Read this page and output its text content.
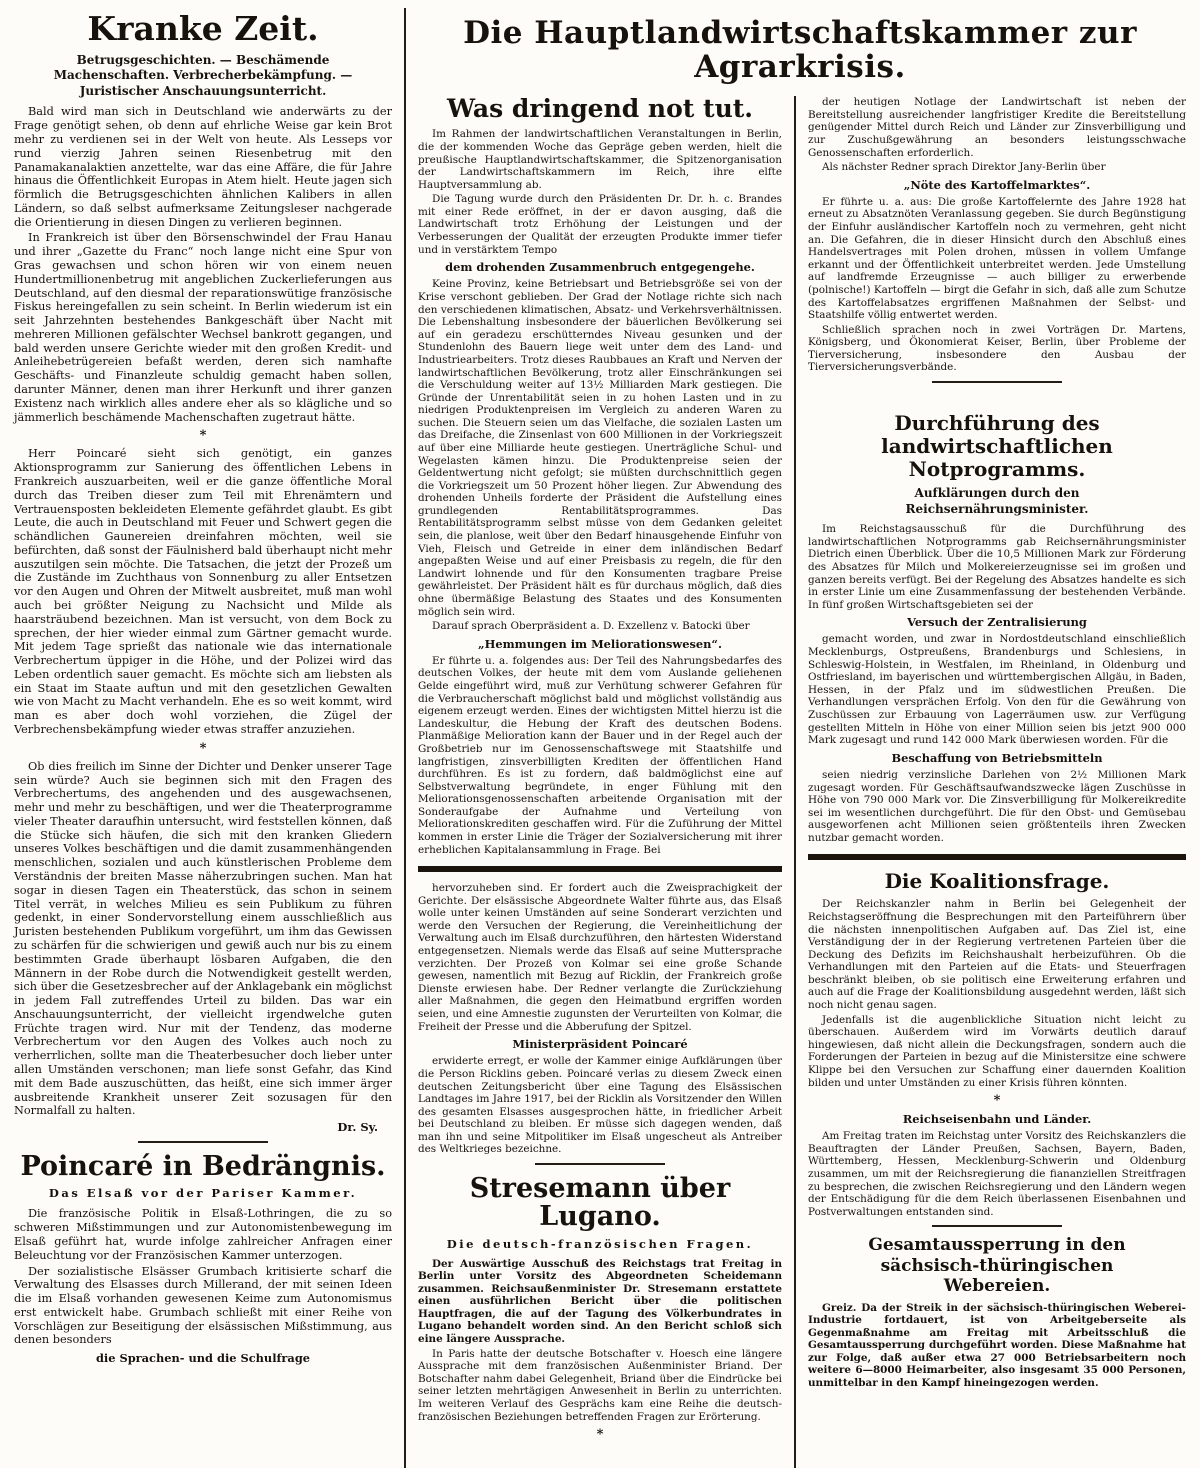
Kranke Zeit.
Betrugsgeschichten. — Beschämende Machenschaften. Verbrecherbekämpfung. — Juristischer Anschauungsunterricht.

Bald wird man sich in Deutschland wie anderwärts zu der Frage genötigt sehen, ob denn auf ehrliche Weise gar kein Brot mehr zu verdienen sei in der Welt von heute. Als Lesseps vor rund vierzig Jahren seinen Riesenbetrug mit den Panamakanalaktien anzettelte, war das eine Affäre, die für Jahre hinaus die Öffentlichkeit Europas in Atem hielt. Heute jagen sich förmlich die Betrugsgeschichten ähnlichen Kalibers in allen Ländern, so daß selbst aufmerksame Zeitungsleser nachgerade die Orientierung in diesen Dingen zu verlieren beginnen.

In Frankreich ist über den Börsenschwindel der Frau Hanau und ihrer „Gazette du Franc“ noch lange nicht eine Spur von Gras gewachsen und schon hören wir von einem neuen Hundertmillionenbetrug mit angeblichen Zuckerlieferungen aus Deutschland, auf den diesmal der reparationswütige französische Fiskus hereingefallen zu sein scheint. In Berlin wiederum ist ein seit Jahrzehnten bestehendes Bankgeschäft über Nacht mit mehreren Millionen gefälschter Wechsel bankrott gegangen, und bald werden unsere Gerichte wieder mit den großen Kredit- und Anleihebetrügereien befaßt werden, deren sich namhafte Geschäfts- und Finanzleute schuldig gemacht haben sollen, darunter Männer, denen man ihrer Herkunft und ihrer ganzen Existenz nach wirklich alles andere eher als so klägliche und so jämmerlich beschämende Machenschaften zugetraut hätte.

*

Herr Poincaré sieht sich genötigt, ein ganzes Aktionsprogramm zur Sanierung des öffentlichen Lebens in Frankreich auszuarbeiten, weil er die ganze öffentliche Moral durch das Treiben dieser zum Teil mit Ehrenämtern und Vertrauensposten bekleideten Elemente gefährdet glaubt. Es gibt Leute, die auch in Deutschland mit Feuer und Schwert gegen die schändlichen Gaunereien dreinfahren möchten, weil sie befürchten, daß sonst der Fäulnisherd bald überhaupt nicht mehr auszutilgen sein möchte. Die Tatsachen, die jetzt der Prozeß um die Zustände im Zuchthaus von Sonnenburg zu aller Entsetzen vor den Augen und Ohren der Mitwelt ausbreitet, muß man wohl auch bei größter Neigung zu Nachsicht und Milde als haarsträubend bezeichnen. Man ist versucht, von dem Bock zu sprechen, der hier wieder einmal zum Gärtner gemacht wurde. Mit jedem Tage sprießt das nationale wie das internationale Verbrechertum üppiger in die Höhe, und der Polizei wird das Leben ordentlich sauer gemacht. Es möchte sich am liebsten als ein Staat im Staate auftun und mit den gesetzlichen Gewalten wie von Macht zu Macht verhandeln. Ehe es so weit kommt, wird man es aber doch wohl vorziehen, die Zügel der Verbrechensbekämpfung wieder etwas straffer anzuziehen.

*

Ob dies freilich im Sinne der Dichter und Denker unserer Tage sein würde? Auch sie beginnen sich mit den Fragen des Verbrechertums, des angehenden und des ausgewachsenen, mehr und mehr zu beschäftigen, und wer die Theaterprogramme vieler Theater daraufhin untersucht, wird feststellen können, daß die Stücke sich häufen, die sich mit den kranken Gliedern unseres Volkes beschäftigen und die damit zusammenhängenden menschlichen, sozialen und auch künstlerischen Probleme dem Verständnis der breiten Masse näherzubringen suchen. Man hat sogar in diesen Tagen ein Theaterstück, das schon in seinem Titel verrät, in welches Milieu es sein Publikum zu führen gedenkt, in einer Sondervorstellung einem ausschließlich aus Juristen bestehenden Publikum vorgeführt, um ihm das Gewissen zu schärfen für die schwierigen und gewiß auch nur bis zu einem bestimmten Grade überhaupt lösbaren Aufgaben, die den Männern in der Robe durch die Notwendigkeit gestellt werden, sich über die Gesetzesbrecher auf der Anklagebank ein möglichst in jedem Fall zutreffendes Urteil zu bilden. Das war ein Anschauungsunterricht, der vielleicht irgendwelche guten Früchte tragen wird. Nur mit der Tendenz, das moderne Verbrechertum vor den Augen des Volkes auch noch zu verherrlichen, sollte man die Theaterbesucher doch lieber unter allen Umständen verschonen; man liefe sonst Gefahr, das Kind mit dem Bade auszuschütten, das heißt, eine sich immer ärger ausbreitende Krankheit unserer Zeit sozusagen für den Normalfall zu halten.

Dr. Sy.
Poincaré in Bedrängnis.
Das Elsaß vor der Pariser Kammer.

Die französische Politik in Elsaß-Lothringen, die zu so schweren Mißstimmungen und zur Autonomistenbewegung im Elsaß geführt hat, wurde infolge zahlreicher Anfragen einer Beleuchtung vor der Französischen Kammer unterzogen.

Der sozialistische Elsässer Grumbach kritisierte scharf die Verwaltung des Elsasses durch Millerand, der mit seinen Ideen die im Elsaß vorhanden gewesenen Keime zum Autonomismus erst entwickelt habe. Grumbach schließt mit einer Reihe von Vorschlägen zur Beseitigung der elsässischen Mißstimmung, aus denen besonders

die Sprachen- und die Schulfrage
Die Hauptlandwirtschaftskammer zur Agrarkrisis.
Was dringend not tut.

Im Rahmen der landwirtschaftlichen Veranstaltungen in Berlin, die der kommenden Woche das Gepräge geben werden, hielt die preußische Hauptlandwirtschaftskammer, die Spitzenorganisation der Landwirtschaftskammern im Reich, ihre elfte Hauptversammlung ab.

Die Tagung wurde durch den Präsidenten Dr. Dr. h. c. Brandes mit einer Rede eröffnet, in der er davon ausging, daß die Landwirtschaft trotz Erhöhung der Leistungen und der Verbesserungen der Qualität der erzeugten Produkte immer tiefer und in verstärktem Tempo

dem drohenden Zusammenbruch entgegengehe.

Keine Provinz, keine Betriebsart und Betriebsgröße sei von der Krise verschont geblieben. Der Grad der Notlage richte sich nach den verschiedenen klimatischen, Absatz- und Verkehrsverhältnissen. Die Lebenshaltung insbesondere der bäuerlichen Bevölkerung sei auf ein geradezu erschütterndes Niveau gesunken und der Stundenlohn des Bauern liege weit unter dem des Land- und Industriearbeiters. Trotz dieses Raubbaues an Kraft und Nerven der landwirtschaftlichen Bevölkerung, trotz aller Einschränkungen sei die Verschuldung weiter auf 13½ Milliarden Mark gestiegen. Die Gründe der Unrentabilität seien in zu hohen Lasten und in zu niedrigen Produktenpreisen im Vergleich zu anderen Waren zu suchen. Die Steuern seien um das Vielfache, die sozialen Lasten um das Dreifache, die Zinsenlast von 600 Millionen in der Vorkriegszeit auf über eine Milliarde heute gestiegen. Unerträgliche Schul- und Wegelasten kämen hinzu. Die Produktenpreise seien der Geldentwertung nicht gefolgt; sie müßten durchschnittlich gegen die Vorkriegszeit um 50 Prozent höher liegen. Zur Abwendung des drohenden Unheils forderte der Präsident die Aufstellung eines grundlegenden Rentabilitätsprogrammes. Das Rentabilitätsprogramm selbst müsse von dem Gedanken geleitet sein, die planlose, weit über den Bedarf hinausgehende Einfuhr von Vieh, Fleisch und Getreide in einer dem inländischen Bedarf angepaßten Weise und auf einer Preisbasis zu regeln, die für den Landwirt lohnende und für den Konsumenten tragbare Preise gewährleistet. Der Präsident hält es für durchaus möglich, daß dies ohne übermäßige Belastung des Staates und des Konsumenten möglich sein wird.

Darauf sprach Oberpräsident a. D. Exzellenz v. Batocki über

„Hemmungen im Meliorationswesen“.

Er führte u. a. folgendes aus: Der Teil des Nahrungsbedarfes des deutschen Volkes, der heute mit dem vom Auslande geliehenen Gelde eingeführt wird, muß zur Verhütung schwerer Gefahren für die Verbraucherschaft möglichst bald und möglichst vollständig aus eigenem erzeugt werden. Eines der wichtigsten Mittel hierzu ist die Landeskultur, die Hebung der Kraft des deutschen Bodens. Planmäßige Melioration kann der Bauer und in der Regel auch der Großbetrieb nur im Genossenschaftswege mit Staatshilfe und langfristigen, zinsverbilligten Krediten der öffentlichen Hand durchführen. Es ist zu fordern, daß baldmöglichst eine auf Selbstverwaltung begründete, in enger Fühlung mit den Meliorationsgenossenschaften arbeitende Organisation mit der Sonderaufgabe der Aufnahme und Verteilung von Meliorationskrediten geschaffen wird. Für die Zuführung der Mittel kommen in erster Linie die Träger der Sozialversicherung mit ihrer erheblichen Kapitalansammlung in Frage. Bei

hervorzuheben sind. Er fordert auch die Zweisprachigkeit der Gerichte. Der elsässische Abgeordnete Walter führte aus, das Elsaß wolle unter keinen Umständen auf seine Sonderart verzichten und werde den Versuchen der Regierung, die Vereinheitlichung der Verwaltung auch im Elsaß durchzuführen, den härtesten Widerstand entgegensetzen. Niemals werde das Elsaß auf seine Muttersprache verzichten. Der Prozeß von Kolmar sei eine große Schande gewesen, namentlich mit Bezug auf Ricklin, der Frankreich große Dienste erwiesen habe. Der Redner verlangte die Zurückziehung aller Maßnahmen, die gegen den Heimatbund ergriffen worden seien, und eine Amnestie zugunsten der Verurteilten von Kolmar, die Freiheit der Presse und die Abberufung der Spitzel.

Ministerpräsident Poincaré

erwiderte erregt, er wolle der Kammer einige Aufklärungen über die Person Ricklins geben. Poincaré verlas zu diesem Zweck einen deutschen Zeitungsbericht über eine Tagung des Elsässischen Landtages im Jahre 1917, bei der Ricklin als Vorsitzender den Willen des gesamten Elsasses ausgesprochen hätte, in friedlicher Arbeit bei Deutschland zu bleiben. Er müsse sich dagegen wenden, daß man ihn und seine Mitpolitiker im Elsaß ungescheut als Antreiber des Weltkrieges bezeichne.

Stresemann über Lugano.
Die deutsch-französischen Fragen.

Der Auswärtige Ausschuß des Reichstags trat Freitag in Berlin unter Vorsitz des Abgeordneten Scheidemann zusammen. Reichsaußenminister Dr. Stresemann erstattete einen ausführlichen Bericht über die politischen Hauptfragen, die auf der Tagung des Völkerbundrates in Lugano behandelt worden sind. An den Bericht schloß sich eine längere Aussprache.

In Paris hatte der deutsche Botschafter v. Hoesch eine längere Aussprache mit dem französischen Außenminister Briand. Der Botschafter nahm dabei Gelegenheit, Briand über die Eindrücke bei seiner letzten mehrtägigen Anwesenheit in Berlin zu unterrichten. Im weiteren Verlauf des Gesprächs kam eine Reihe die deutsch-französischen Beziehungen betreffenden Fragen zur Erörterung.

*

der heutigen Notlage der Landwirtschaft ist neben der Bereitstellung ausreichender langfristiger Kredite die Bereitstellung genügender Mittel durch Reich und Länder zur Zinsverbilligung und zur Zuschußgewährung an besonders leistungsschwache Genossenschaften erforderlich.

Als nächster Redner sprach Direktor Jany-Berlin über

„Nöte des Kartoffelmarktes“.

Er führte u. a. aus: Die große Kartoffelernte des Jahre 1928 hat erneut zu Absatznöten Veranlassung gegeben. Sie durch Begünstigung der Einfuhr ausländischer Kartoffeln noch zu vermehren, geht nicht an. Die Gefahren, die in dieser Hinsicht durch den Abschluß eines Handelsvertrages mit Polen drohen, müssen in vollem Umfange erkannt und der Öffentlichkeit unterbreitet werden. Jede Umstellung auf landfremde Erzeugnisse — auch billiger zu erwerbende (polnische!) Kartoffeln — birgt die Gefahr in sich, daß alle zum Schutze des Kartoffelabsatzes ergriffenen Maßnahmen der Selbst- und Staatshilfe völlig entwertet werden.

Schließlich sprachen noch in zwei Vorträgen Dr. Martens, Königsberg, und Ökonomierat Keiser, Berlin, über Probleme der Tierversicherung, insbesondere den Ausbau der Tierversicherungsverbände.

Durchführung des landwirtschaftlichen Notprogramms.
Aufklärungen durch den Reichsernährungsminister.

Im Reichstagsausschuß für die Durchführung des landwirtschaftlichen Notprogramms gab Reichsernährungsminister Dietrich einen Überblick. Über die 10,5 Millionen Mark zur Förderung des Absatzes für Milch und Molkereierzeugnisse sei im großen und ganzen bereits verfügt. Bei der Regelung des Absatzes handelte es sich in erster Linie um eine Zusammenfassung der bestehenden Verbände. In fünf großen Wirtschaftsgebieten sei der

Versuch der Zentralisierung

gemacht worden, und zwar in Nordostdeutschland einschließlich Mecklenburgs, Ostpreußens, Brandenburgs und Schlesiens, in Schleswig-Holstein, in Westfalen, im Rheinland, in Oldenburg und Ostfriesland, im bayerischen und württembergischen Allgäu, in Baden, Hessen, in der Pfalz und im südwestlichen Preußen. Die Verhandlungen versprächen Erfolg. Von den für die Gewährung von Zuschüssen zur Erbauung von Lagerräumen usw. zur Verfügung gestellten Mitteln in Höhe von einer Million seien bis jetzt 900 000 Mark zugesagt und rund 142 000 Mark überwiesen worden. Für die

Beschaffung von Betriebsmitteln

seien niedrig verzinsliche Darlehen von 2½ Millionen Mark zugesagt worden. Für Geschäftsaufwandszwecke lägen Zuschüsse in Höhe von 790 000 Mark vor. Die Zinsverbilligung für Molkereikredite sei im wesentlichen durchgeführt. Die für den Obst- und Gemüsebau ausgeworfenen acht Millionen seien größtenteils ihren Zwecken nutzbar gemacht worden.

Die Koalitionsfrage.

Der Reichskanzler nahm in Berlin bei Gelegenheit der Reichstagseröffnung die Besprechungen mit den Parteiführern über die nächsten innenpolitischen Aufgaben auf. Das Ziel ist, eine Verständigung der in der Regierung vertretenen Parteien über die Deckung des Defizits im Reichshaushalt herbeizuführen. Ob die Verhandlungen mit den Parteien auf die Etats- und Steuerfragen beschränkt bleiben, ob sie politisch eine Erweiterung erfahren und auch auf die Frage der Koalitionsbildung ausgedehnt werden, läßt sich noch nicht genau sagen.

Jedenfalls ist die augenblickliche Situation nicht leicht zu überschauen. Außerdem wird im Vorwärts deutlich darauf hingewiesen, daß nicht allein die Deckungsfragen, sondern auch die Forderungen der Parteien in bezug auf die Ministersitze eine schwere Klippe bei den Versuchen zur Schaffung einer dauernden Koalition bilden und unter Umständen zu einer Krisis führen könnten.

*
Reichseisenbahn und Länder.

Am Freitag traten im Reichstag unter Vorsitz des Reichskanzlers die Beauftragten der Länder Preußen, Sachsen, Bayern, Baden, Württemberg, Hessen, Mecklenburg-Schwerin und Oldenburg zusammen, um mit der Reichsregierung die fiananziellen Streitfragen zu besprechen, die zwischen Reichsregierung und den Ländern wegen der Entschädigung für die dem Reich überlassenen Eisenbahnen und Postverwaltungen entstanden sind.

Gesamtaussperrung in den sächsisch-thüringischen Webereien.

Greiz. Da der Streik in der sächsisch-thüringischen Weberei-Industrie fortdauert, ist von Arbeitgeberseite als Gegenmaßnahme am Freitag mit Arbeitsschluß die Gesamtaussperrung durchgeführt worden. Diese Maßnahme hat zur Folge, daß außer etwa 27 000 Betriebsarbeitern noch weitere 6—8000 Heimarbeiter, also insgesamt 35 000 Personen, unmittelbar in den Kampf hineingezogen werden.
